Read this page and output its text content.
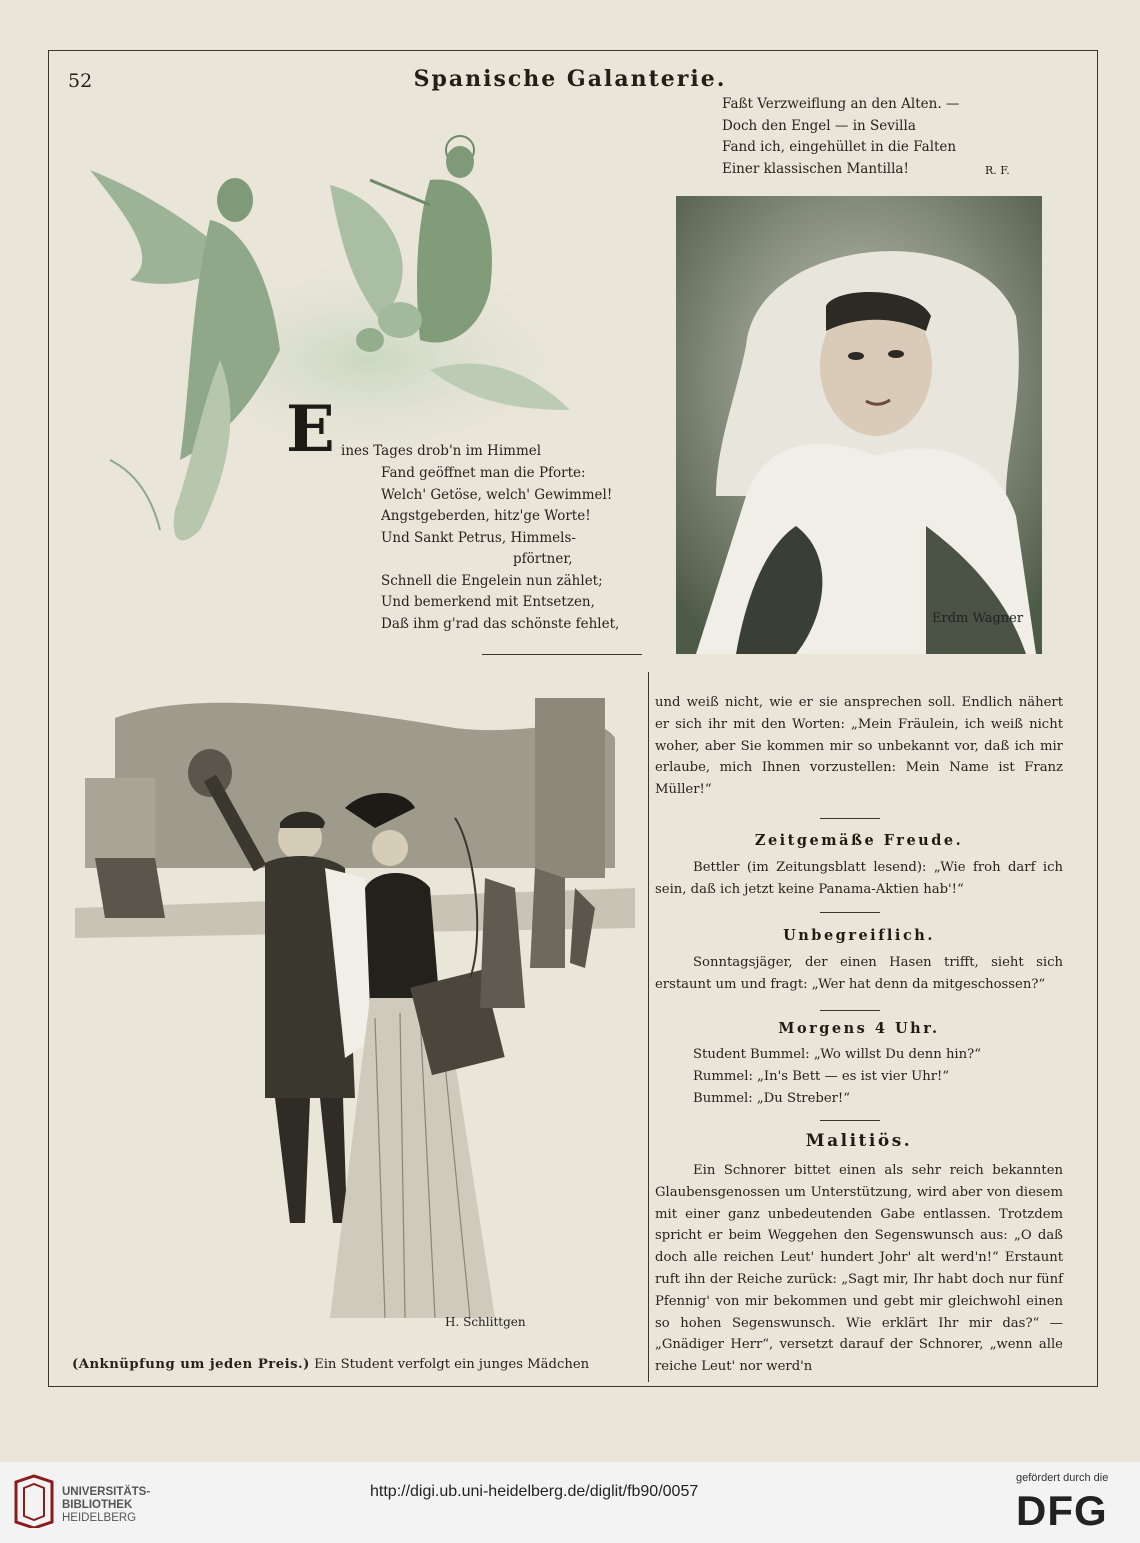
52	Spanische Galanterie.
Faßt Verzweiflung an den Alten. —
Doch den Engel — in Sevilla
Fand ich, eingehüllet in die Falten
Einer klassischen Mantilla!	R. F.
E ines Tages drob'n im Himmel
Fand geöffnet man die Pforte:
Welch' Getöse, welch' Gewimmel!
Angstgeberden, hitz'ge Worte!
Und Sankt Petrus, Himmels-
pförtner,
Schnell die Engelein nun zählet;
Und bemerkend mit Entsetzen,
Daß ihm g'rad das schönste fehlet,	Erdm Wagner
H. Schlittgen
(Anknüpfung um jeden Preis.) Ein Student verfolgt ein junges Mädchen
und weiß nicht, wie er sie ansprechen soll. Endlich nähert er sich ihr mit den Worten: „Mein Fräulein, ich weiß nicht woher, aber Sie kommen mir so unbekannt vor, daß ich mir erlaube, mich Ihnen vorzustellen: Mein Name ist Franz Müller!“
Zeitgemäße Freude.
Bettler (im Zeitungsblatt lesend): „Wie froh darf ich sein, daß ich jetzt keine Panama-Aktien hab'!“
Unbegreiflich.
Sonntagsjäger, der einen Hasen trifft, sieht sich erstaunt um und fragt: „Wer hat denn da mitgeschossen?“
Morgens 4 Uhr.
Student Bummel: „Wo willst Du denn hin?“
Rummel: „In's Bett — es ist vier Uhr!“
Bummel: „Du Streber!“
Malitiös.
Ein Schnorer bittet einen als sehr reich bekannten Glaubensgenossen um Unterstützung, wird aber von diesem mit einer ganz unbedeutenden Gabe entlassen. Trotzdem spricht er beim Weggehen den Segenswunsch aus: „O daß doch alle reichen Leut' hundert Johr' alt werd'n!“ Erstaunt ruft ihn der Reiche zurück: „Sagt mir, Ihr habt doch nur fünf Pfennig' von mir bekommen und gebt mir gleichwohl einen so hohen Segenswunsch. Wie erklärt Ihr mir das?“ — „Gnädiger Herr“, versetzt darauf der Schnorer, „wenn alle reiche Leut' nor werd'n
UNIVERSITÄTS-
BIBLIOTHEK
HEIDELBERG
http://digi.ub.uni-heidelberg.de/diglit/fb90/0057
gefördert durch die
DFG
